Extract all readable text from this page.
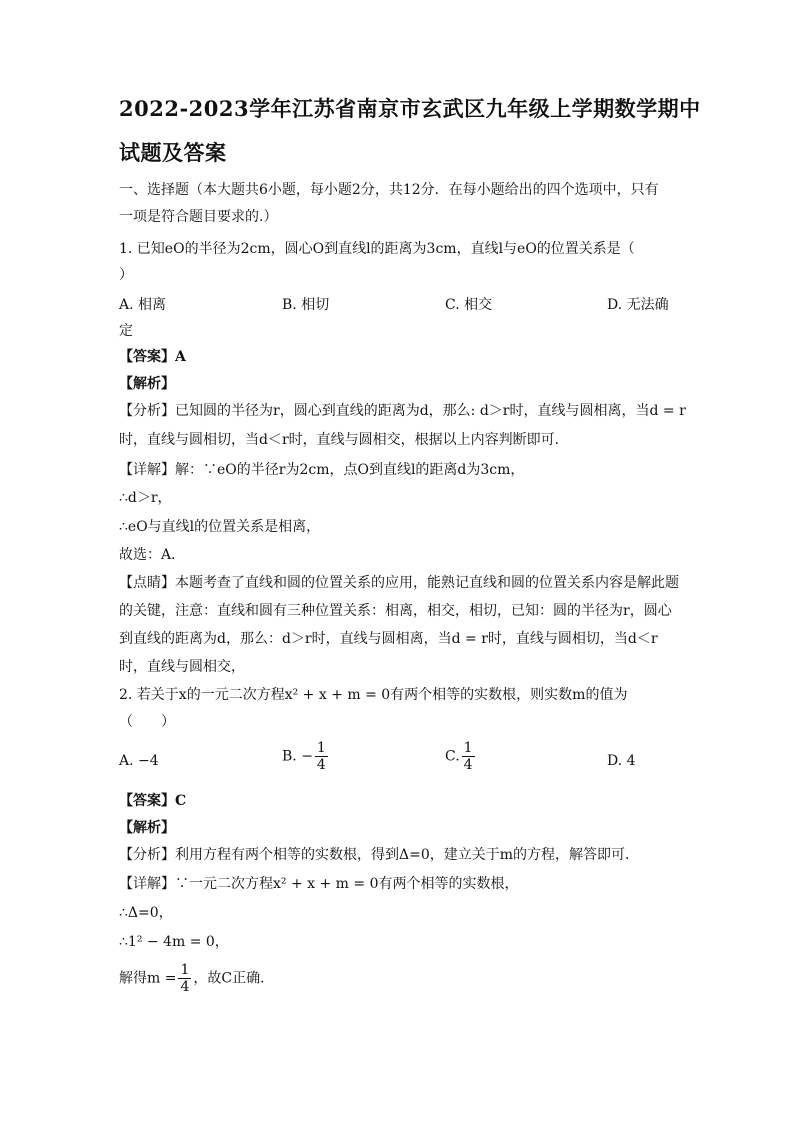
2022-2023学年江苏省南京市玄武区九年级上学期数学期中
试题及答案
一、选择题（本大题共6小题，每小题2分，共12分．在每小题给出的四个选项中，只有
一项是符合题目要求的.）
1. 已知eO的半径为2cm，圆心O到直线l的距离为3cm，直线l与eO的位置关系是（
）
A. 相离	B. 相切	C. 相交	D. 无法确
定
【答案】A
【解析】
【分析】已知圆的半径为r，圆心到直线的距离为d，那么: d＞r时，直线与圆相离，当d = r
时，直线与圆相切，当d＜r时，直线与圆相交，根据以上内容判断即可．
【详解】解：∵eO的半径r为2cm，点O到直线l的距离d为3cm，
∴d＞r，
∴eO与直线l的位置关系是相离，
故选：A．
【点睛】本题考查了直线和圆的位置关系的应用，能熟记直线和圆的位置关系内容是解此题
的关键，注意：直线和圆有三种位置关系：相离，相交，相切，已知：圆的半径为r，圆心
到直线的距离为d，那么：d＞r时，直线与圆相离，当d = r时，直线与圆相切，当d＜r
时，直线与圆相交，
2. 若关于x的一元二次方程x² + x + m = 0有两个相等的实数根，则实数m的值为
（　　）
A. −4	B. − $\frac{1}{4}$	C. $\frac{1}{4}$	D. 4
【答案】C
【解析】
【分析】利用方程有两个相等的实数根，得到Δ=0，建立关于m的方程，解答即可．
【详解】∵一元二次方程x² + x + m = 0有两个相等的实数根，
∴Δ=0，
∴1² − 4m = 0，
解得$m = \frac{1}{4}$ ，故C正确．
